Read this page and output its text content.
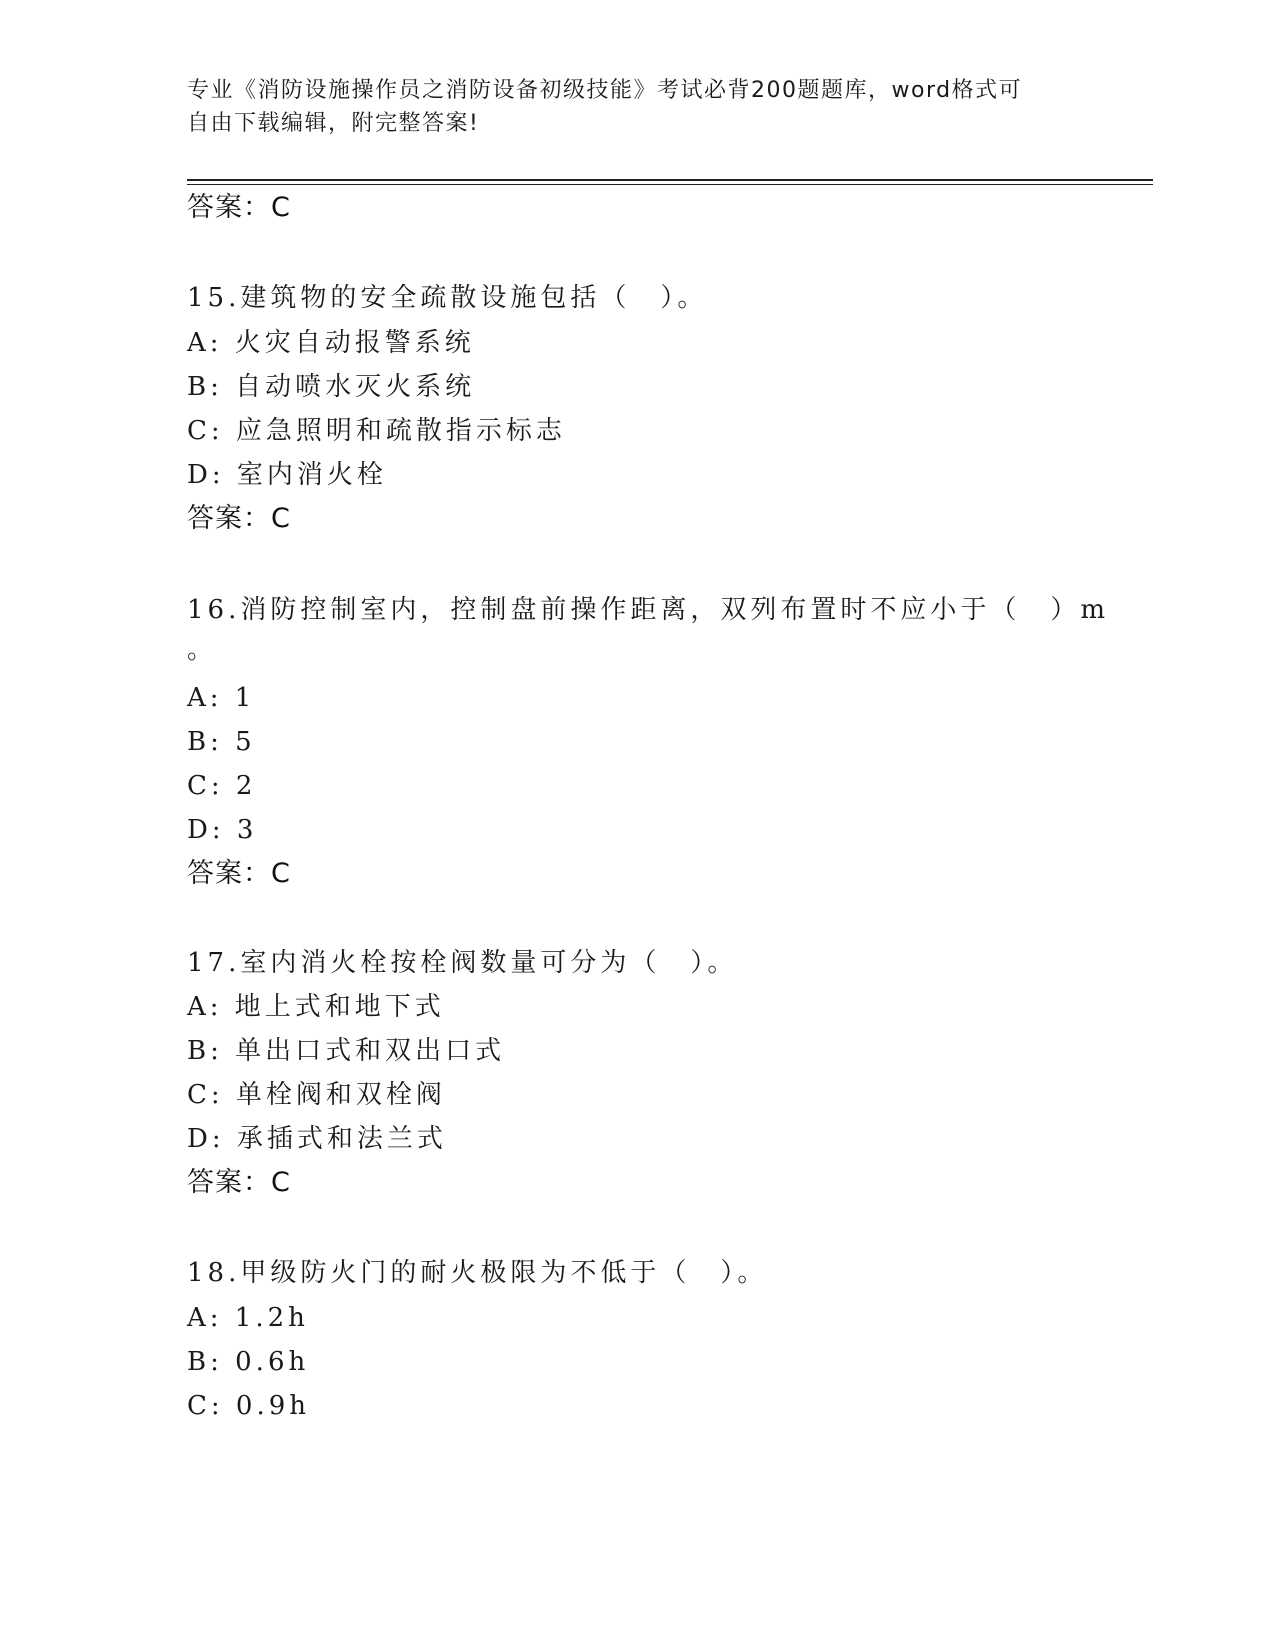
专业《消防设施操作员之消防设备初级技能》考试必背200题题库，word格式可
自由下载编辑，附完整答案!
答案：C
15.建筑物的安全疏散设施包括（　）。
A: 火灾自动报警系统
B: 自动喷水灭火系统
C: 应急照明和疏散指示标志
D: 室内消火栓
答案：C
16.消防控制室内，控制盘前操作距离，双列布置时不应小于（　）m
。
A: 1
B: 5
C: 2
D: 3
答案：C
17.室内消火栓按栓阀数量可分为（　）。
A: 地上式和地下式
B: 单出口式和双出口式
C: 单栓阀和双栓阀
D: 承插式和法兰式
答案：C
18.甲级防火门的耐火极限为不低于（　）。
A: 1.2h
B: 0.6h
C: 0.9h
